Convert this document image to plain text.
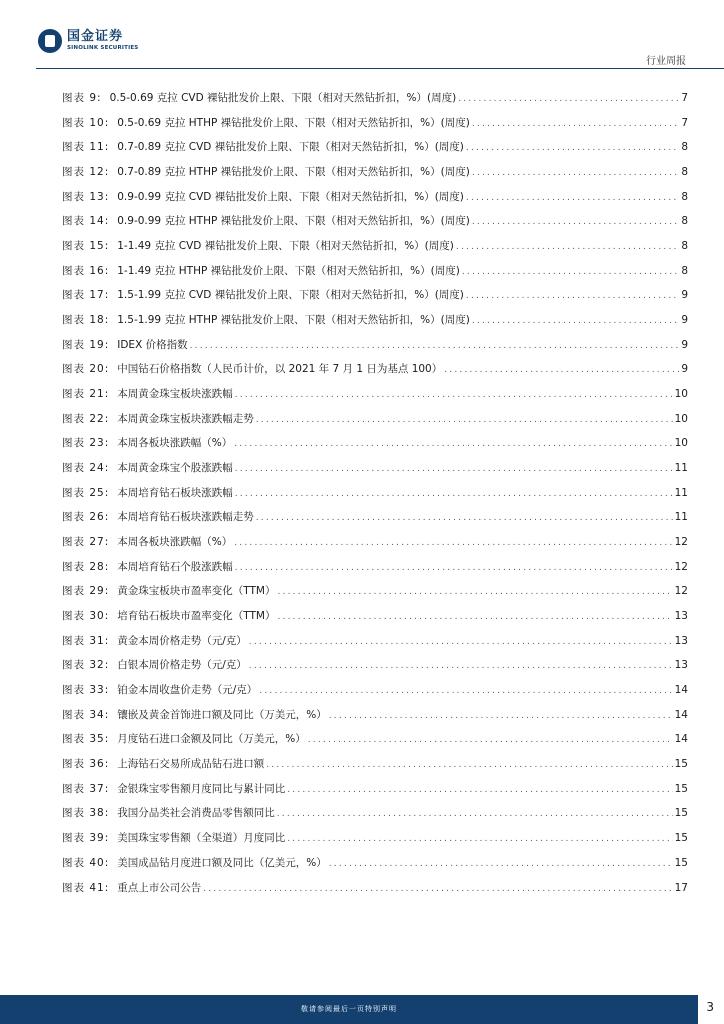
国金证券
SINOLINK SECURITIES
行业周报
图表 9: 0.5-0.69 克拉 CVD 裸钻批发价上限、下限（相对天然钻折扣，%）(周度) .....	7
图表 10: 0.5-0.69 克拉 HTHP 裸钻批发价上限、下限（相对天然钻折扣，%）(周度) .....	7
图表 11: 0.7-0.89 克拉 CVD 裸钻批发价上限、下限（相对天然钻折扣，%）(周度) .....	8
图表 12: 0.7-0.89 克拉 HTHP 裸钻批发价上限、下限（相对天然钻折扣，%）(周度) .....	8
图表 13: 0.9-0.99 克拉 CVD 裸钻批发价上限、下限（相对天然钻折扣，%）(周度) .....	8
图表 14: 0.9-0.99 克拉 HTHP 裸钻批发价上限、下限（相对天然钻折扣，%）(周度) .....	8
图表 15: 1-1.49 克拉 CVD 裸钻批发价上限、下限（相对天然钻折扣，%）(周度) .....	8
图表 16: 1-1.49 克拉 HTHP 裸钻批发价上限、下限（相对天然钻折扣，%）(周度) .....	8
图表 17: 1.5-1.99 克拉 CVD 裸钻批发价上限、下限（相对天然钻折扣，%）(周度) .....	9
图表 18: 1.5-1.99 克拉 HTHP 裸钻批发价上限、下限（相对天然钻折扣，%）(周度) .....	9
图表 19: IDEX 价格指数 .....	9
图表 20: 中国钻石价格指数（人民币计价，以 2021 年 7 月 1 日为基点 100） .....	9
图表 21: 本周黄金珠宝板块涨跌幅 .....	10
图表 22: 本周黄金珠宝板块涨跌幅走势 .....	10
图表 23: 本周各板块涨跌幅（%） .....	10
图表 24: 本周黄金珠宝个股涨跌幅 .....	11
图表 25: 本周培育钻石板块涨跌幅 .....	11
图表 26: 本周培育钻石板块涨跌幅走势 .....	11
图表 27: 本周各板块涨跌幅（%） .....	12
图表 28: 本周培育钻石个股涨跌幅 .....	12
图表 29: 黄金珠宝板块市盈率变化（TTM） .....	12
图表 30: 培育钻石板块市盈率变化（TTM） .....	13
图表 31: 黄金本周价格走势（元/克） .....	13
图表 32: 白银本周价格走势（元/克） .....	13
图表 33: 铂金本周收盘价走势（元/克） .....	14
图表 34: 镶嵌及黄金首饰进口额及同比（万美元，%） .....	14
图表 35: 月度钻石进口金额及同比（万美元，%） .....	14
图表 36: 上海钻石交易所成品钻石进口额 .....	15
图表 37: 金银珠宝零售额月度同比与累计同比 .....	15
图表 38: 我国分品类社会消费品零售额同比 .....	15
图表 39: 美国珠宝零售额（全渠道）月度同比 .....	15
图表 40: 美国成品钻月度进口额及同比（亿美元，%） .....	15
图表 41: 重点上市公司公告 .....	17
敬请参阅最后一页特别声明	3
